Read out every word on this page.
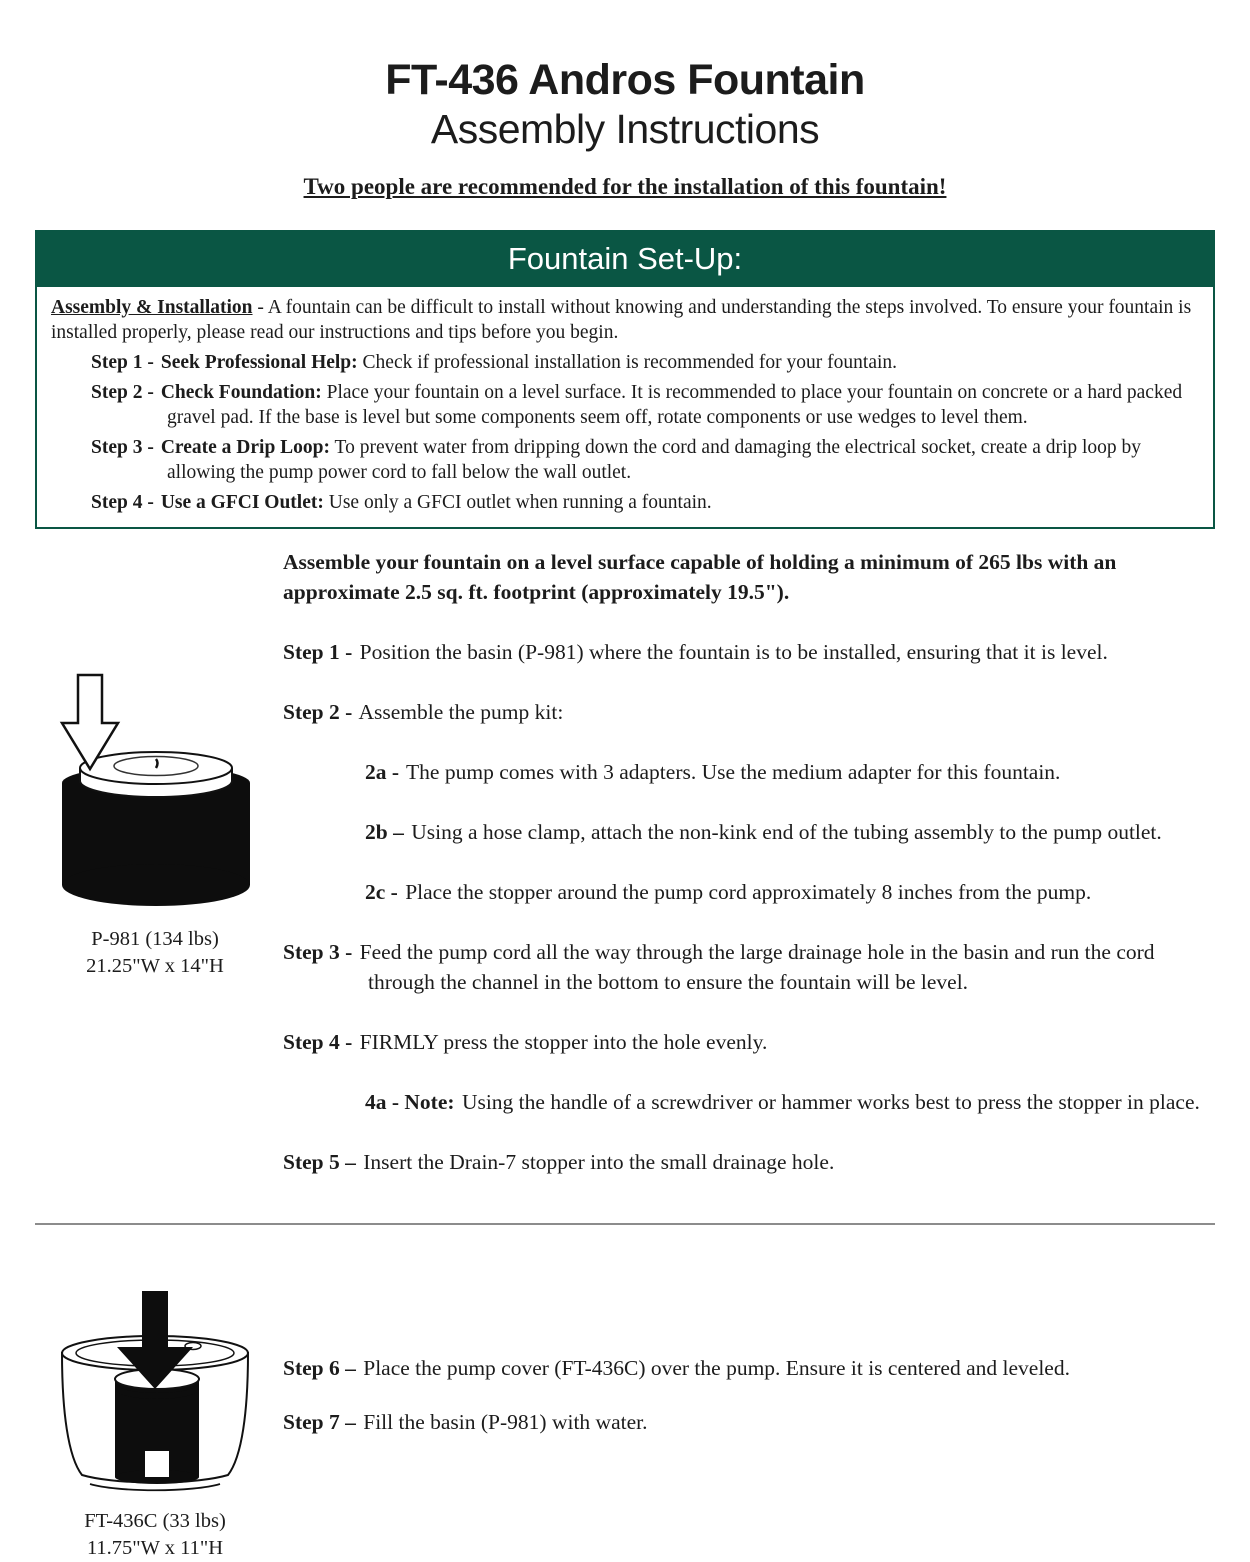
FT-436 Andros Fountain
Assembly Instructions
Two people are recommended for the installation of this fountain!
Fountain Set-Up:

Assembly & Installation - A fountain can be difficult to install without knowing and understanding the steps involved. To ensure your fountain is installed properly, please read our instructions and tips before you begin.

Step 1 - Seek Professional Help: Check if professional installation is recommended for your fountain.
Step 2 - Check Foundation: Place your fountain on a level surface. It is recommended to place your fountain on concrete or a hard packed gravel pad. If the base is level but some components seem off, rotate components or use wedges to level them.
Step 3 - Create a Drip Loop: To prevent water from dripping down the cord and damaging the electrical socket, create a drip loop by allowing the pump power cord to fall below the wall outlet.
Step 4 - Use a GFCI Outlet: Use only a GFCI outlet when running a fountain.
P-981 (134 lbs)
21.25"W x 14"H

Assemble your fountain on a level surface capable of holding a minimum of 265 lbs with an approximate 2.5 sq. ft. footprint (approximately 19.5").

Step 1 - Position the basin (P-981) where the fountain is to be installed, ensuring that it is level.
Step 2 - Assemble the pump kit:
2a - The pump comes with 3 adapters. Use the medium adapter for this fountain.
2b – Using a hose clamp, attach the non-kink end of the tubing assembly to the pump outlet.
2c - Place the stopper around the pump cord approximately 8 inches from the pump.
Step 3 - Feed the pump cord all the way through the large drainage hole in the basin and run the cord through the channel in the bottom to ensure the fountain will be level.
Step 4 - FIRMLY press the stopper into the hole evenly.
4a - Note: Using the handle of a screwdriver or hammer works best to press the stopper in place.
Step 5 – Insert the Drain-7 stopper into the small drainage hole.
FT-436C (33 lbs)
11.75"W x 11"H
Step 6 – Place the pump cover (FT-436C) over the pump. Ensure it is centered and leveled.
Step 7 – Fill the basin (P-981) with water.
